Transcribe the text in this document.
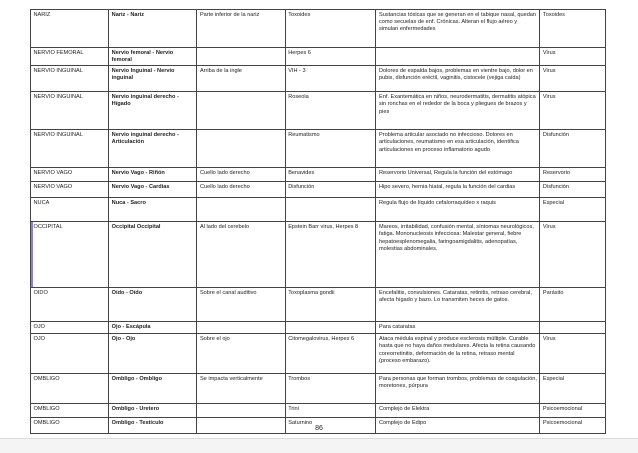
NARIZ	Nariz - Nariz	Parte inferior de la nariz	Toxoides	Sustancias tóxicas que se generan en el tabique nasal, quedan como secuelas de enf. Crónicas. Alteran el flujo aéreo y simulan enfermedades	Toxoides
NERVIO FEMORAL	Nervio femoral - Nervio femoral		Herpes 6		Virus
NERVIO INGUINAL	Nervio Inguinal - Nervio inguinal	Arriba de la ingle	VIH - 3	Dolores de espalda bajos, problemas en vientre bajo, dolor en pubis, disfunción eréctil, vaginitis, cistocele (vejiga caída)	Virus
NERVIO INGUINAL	Nervio inguinal derecho - Hígado		Roseola	Enf. Exantemática en niños, neurodermatitis, dermatitis atópica sin ronchas en el rededor de la boca y pliegues de brazos y pies	Virus
NERVIO INGUINAL	Nervio inguinal derecho - Articulación		Reumatismo	Problema articular asociado no infeccioso. Dolores en articulaciones, reumatismo en esa articulación, identifica articulaciones en proceso inflamatorio agudo	Disfunción
NERVIO VAGO	Nervio Vago - Riñón	Cuello lado derecho	Benavides	Reservorio Universal, Regula la función del estómago	Reservorio
NERVIO VAGO	Nervio Vago - Cardias	Cuello lado derecho	Disfunción	Hipo severo, hernia hiatal, regula la función del cardias	Disfunción
NUCA	Nuca - Sacro			Regula flujo de líquido cefalorraquídeo x raquis	Especial
OCCIPITAL	Occipital Occipital	Al lado del cerebelo	Epstein Barr virus, Herpes 8	Mareos, irritabilidad, confusión mental, síntomas neurológicos, fatiga. Mononucleosis infecciosa: Malestar general, fiebre hepatoesplenomegalia, faringoamigdalitis, adenopatías, molestias abdominales.	Virus
OIDO	Oído - Oído	Sobre el canal auditivo	Toxoplasma gondii	Encefalitis, convulsiones. Cataratas, retinitis, retraso cerebral, afecta hígado y bazo. Lo transmiten heces de gatos.	Parásito
OJO	Ojo - Escápula			Para cataratas	
OJO	Ojo - Ojo	Sobre el ojo	Citomegalovirus, Herpes 6	Ataca médula espinal y produce esclerosis múltiple. Curable hasta que no haya daños medulares. Afecta la retina causando coreorretinitis, deformación de la retina, retraso mental (proceso embarazo).	Virus
OMBLIGO	Ombligo - Ombligo	Se impacta verticalmente	Trombos	Para personas que forman trombos, problemas de coagulación, moretones, púrpura	Especial
OMBLIGO	Ombligo - Uretero		Trini	Complejo de Elektra	Psicoemocional
OMBLIGO	Ombligo - Testículo		Saturnino	Complejo de Edipo	Psicoemocional
86
